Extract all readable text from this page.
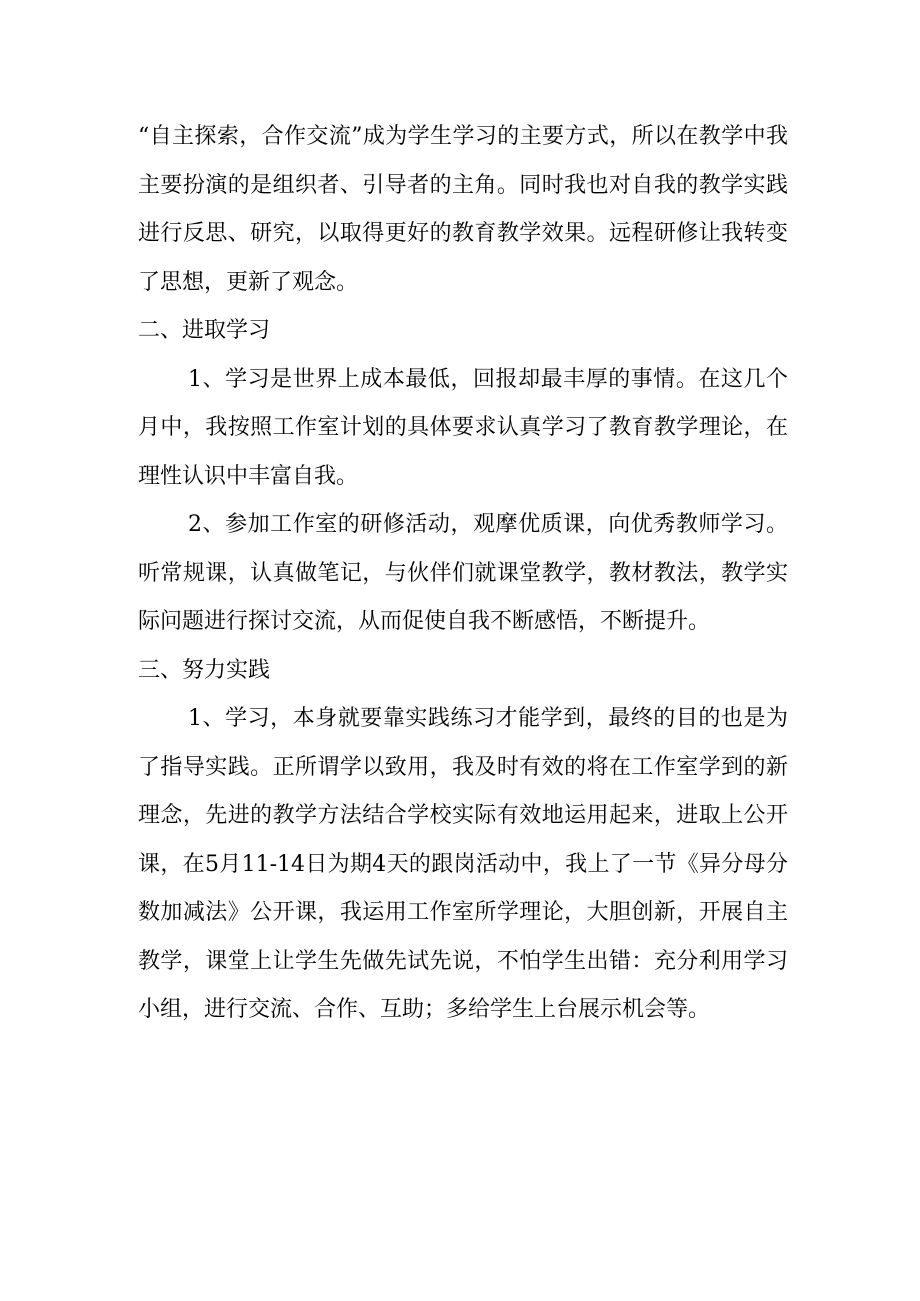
“自主探索，合作交流”成为学生学习的主要方式，所以在教学中我主要扮演的是组织者、引导者的主角。同时我也对自我的教学实践进行反思、研究，以取得更好的教育教学效果。远程研修让我转变了思想，更新了观念。

二、进取学习

1、学习是世界上成本最低，回报却最丰厚的事情。在这几个月中，我按照工作室计划的具体要求认真学习了教育教学理论，在理性认识中丰富自我。

2、参加工作室的研修活动，观摩优质课，向优秀教师学习。听常规课，认真做笔记，与伙伴们就课堂教学，教材教法，教学实际问题进行探讨交流，从而促使自我不断感悟，不断提升。

三、努力实践

1、学习，本身就要靠实践练习才能学到，最终的目的也是为了指导实践。正所谓学以致用，我及时有效的将在工作室学到的新理念，先进的教学方法结合学校实际有效地运用起来，进取上公开课，在5月11-14日为期4天的跟岗活动中，我上了一节《异分母分数加减法》公开课，我运用工作室所学理论，大胆创新，开展自主教学，课堂上让学生先做先试先说，不怕学生出错：充分利用学习小组，进行交流、合作、互助；多给学生上台展示机会等。
